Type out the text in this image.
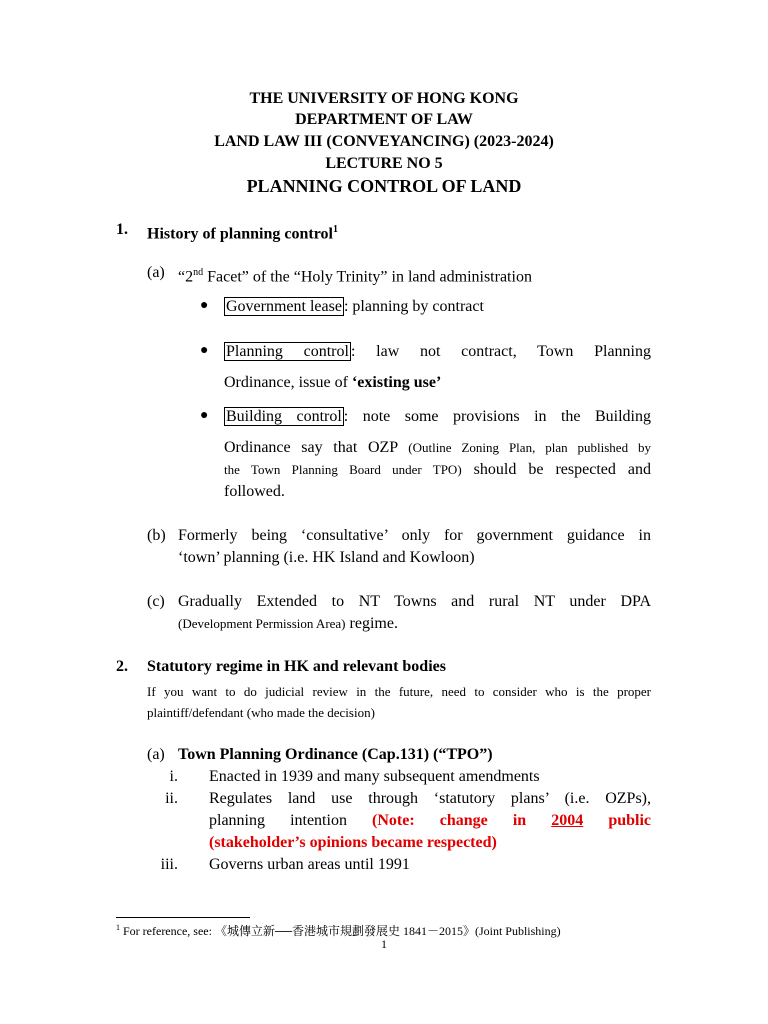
THE UNIVERSITY OF HONG KONG
DEPARTMENT OF LAW
LAND LAW III (CONVEYANCING) (2023-2024)
LECTURE NO 5
PLANNING CONTROL OF LAND
1. History of planning control$^1$
(a) “2nd Facet” of the “Holy Trinity” in land administration
● Government lease : planning by contract
● Planning control : law not contract, Town Planning
Ordinance, issue of ‘existing use’
● Building control : note some provisions in the Building
Ordinance say that OZP (Outline Zoning Plan, plan published by
the Town Planning Board under TPO) should be respected and
followed.
(b) Formerly being ‘consultative’ only for government guidance in
‘town’ planning (i.e. HK Island and Kowloon)
(c) Gradually Extended to NT Towns and rural NT under DPA
(Development Permission Area) regime.
2. Statutory regime in HK and relevant bodies
If you want to do judicial review in the future, need to consider who is the proper
plaintiff/defendant (who made the decision)
(a) Town Planning Ordinance (Cap.131) (“TPO”)
i. Enacted in 1939 and many subsequent amendments
ii. Regulates land use through ‘statutory plans’ (i.e. OZPs),
planning intention (Note: change in 2004 public
(stakeholder’s opinions became respected)
iii. Governs urban areas until 1991
$^1$ For reference, see: 《城傳立新──香港城市規劃發展史 1841－2015》(Joint Publishing)
1
